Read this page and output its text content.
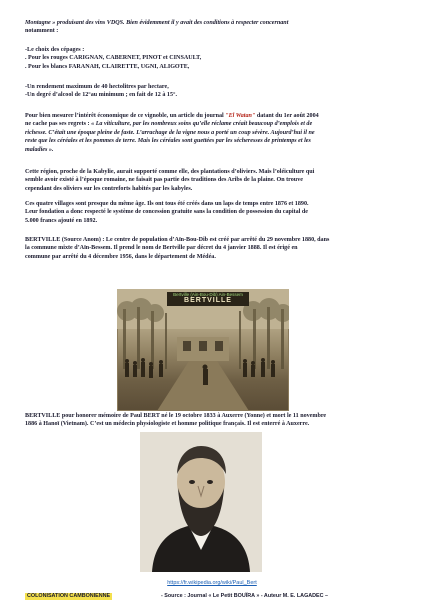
Montagne » produisant des vins VDQS. Bien évidemment il y avait des conditions à respecter concernant
notamment :
-Le choix des cépages :
. Pour les rouges CARIGNAN, CABERNET, PINOT et CINSAULT,
. Pour les blancs FARANAH, CLAIRETTE, UGNI, ALIGOTE,
-Un rendement maximum de 40 hectolitres par hectare,
-Un degré d’alcool de 12°au minimum ; en fait de 12 à 15°.
Pour bien mesurer l’intérêt économique de ce vignoble, un article du journal "El Watan" datant du 1er août 2004
ne cache pas ses regrets : « La viticulture, par les nombreux soins qu’elle réclame créait beaucoup d’emplois et de
richesse. C’était une époque pleine de faste. L’arrachage de la vigne nous a porté un coup sévère. Aujourd’hui il ne
reste que les céréales et les pommes de terre. Mais les céréales sont guettées par les sécheresses de printemps et les
maladies ».
Cette région, proche de la Kabylie, aurait supporté comme elle, des plantations d’oliviers. Mais l’oléiculture qui
semble avoir existé à l’époque romaine, ne faisait pas partie des traditions des Aribs de la plaine. On trouve
cependant des oliviers sur les contreforts habités par les kabyles.
Ces quatre villages sont presque du même âge. Ils ont tous été créés dans un laps de temps entre 1876 et 1890.
Leur fondation a donc respecté le système de concession gratuite sans la condition de possession du capital de
5.000 francs ajouté en 1892.
BERTVILLE (Source Anom) : Le centre de population d’Aïn-Bou-Dib est créé par arrêté du 29 novembre 1880, dans
la commune mixte d’Aïn-Bessem. Il prend le nom de Bertville par décret du 4 janvier 1888. Il est érigé en
commune par arrêté du 4 décembre 1956, dans le département de Médéa.
Bertville (Ain-Bou-Dib) Ain-Bessem
BERTVILLE
BERTVILLE pour honorer mémoire de Paul BERT né le 19 octobre 1833 à Auxerre (Yonne) et mort le 11 novembre
1886 à Hanoï (Vietnam). C’est un médecin physiologiste et homme politique français. Il est enterré à Auxerre.
https://fr.wikipedia.org/wiki/Paul_Bert
COLONISATION CAMBONIENNE	- Source : Journal « Le Petit BOUÏRA » - Auteur M. E. LAGADEC –
